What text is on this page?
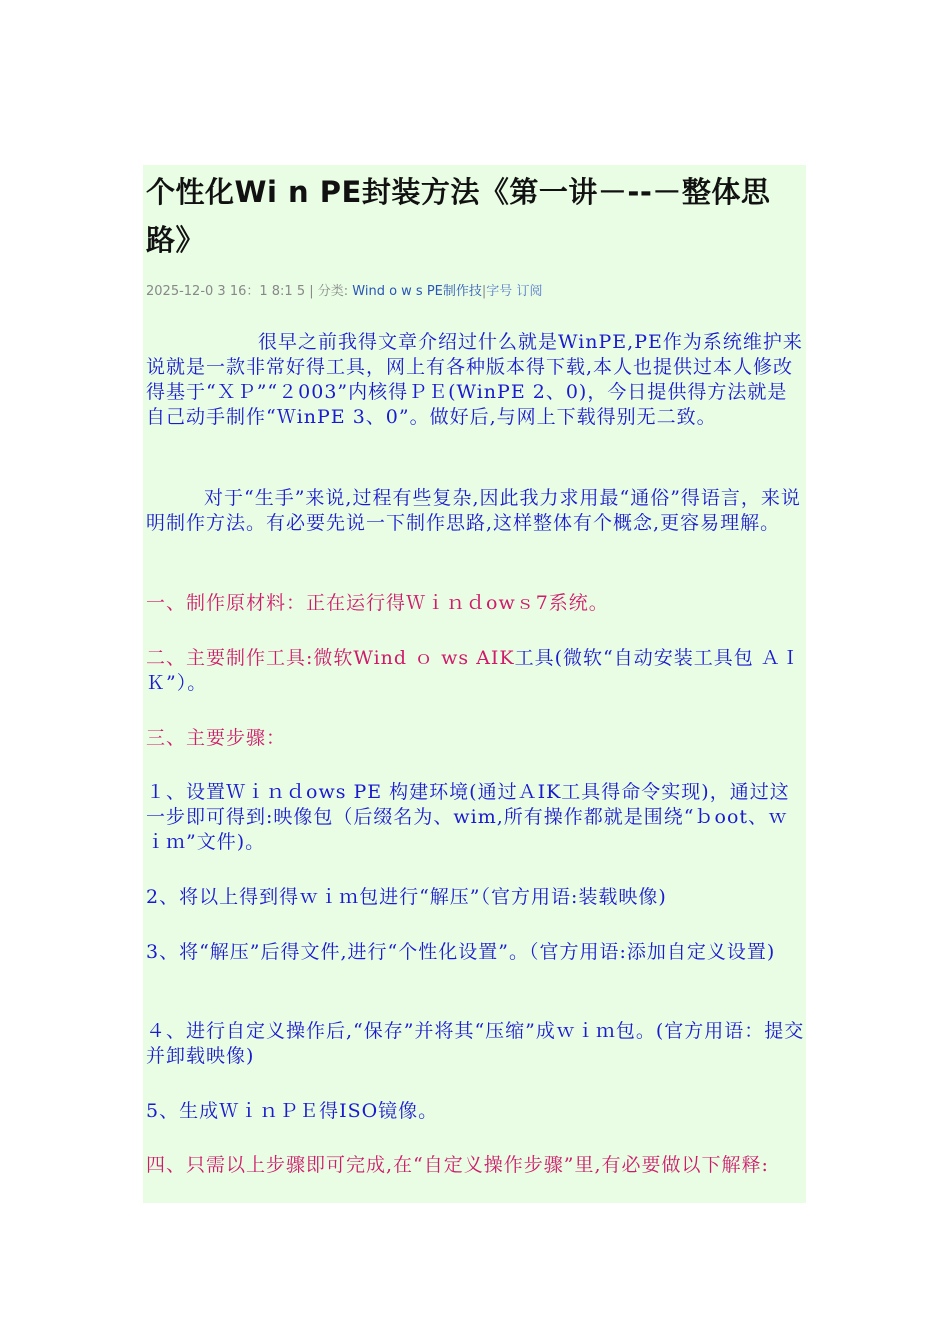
个性化Wi n PE封装方法《第一讲－--－整体思路》
2025-12-0 3 16：1 8:1 5 | 分类: Wind o w s PE制作技|字号 订阅

很早之前我得文章介绍过什么就是WinPE,PE作为系统维护来说就是一款非常好得工具，网上有各种版本得下载,本人也提供过本人修改得基于“ＸＰ”“２003”内核得ＰＥ(WinPE 2、0)，今日提供得方法就是自己动手制作“ＷinPE 3、0”。做好后,与网上下载得别无二致。

对于“生手”来说,过程有些复杂,因此我力求用最“通俗”得语言，来说明制作方法。有必要先说一下制作思路,这样整体有个概念,更容易理解。

一、制作原材料：正在运行得Ｗｉｎｄowｓ7系统。

二、主要制作工具:微软Wind ｏ ws AIK工具(微软“自动安装工具包 ＡＩＫ”）。

三、主要步骤：

１、设置Ｗｉｎｄows PE 构建环境(通过ＡIK工具得命令实现)，通过这一步即可得到:映像包（后缀名为、wim,所有操作都就是围绕“ｂoot、ｗｉｍ”文件)。

2、将以上得到得ｗｉｍ包进行“解压”（官方用语:装载映像)

3、将“解压”后得文件,进行“个性化设置”。（官方用语:添加自定义设置)

４、进行自定义操作后,“保存”并将其“压缩”成ｗｉｍ包。(官方用语：提交并卸载映像)

5、生成ＷｉｎＰＥ得ISO镜像。

四、只需以上步骤即可完成,在“自定义操作步骤”里,有必要做以下解释:
